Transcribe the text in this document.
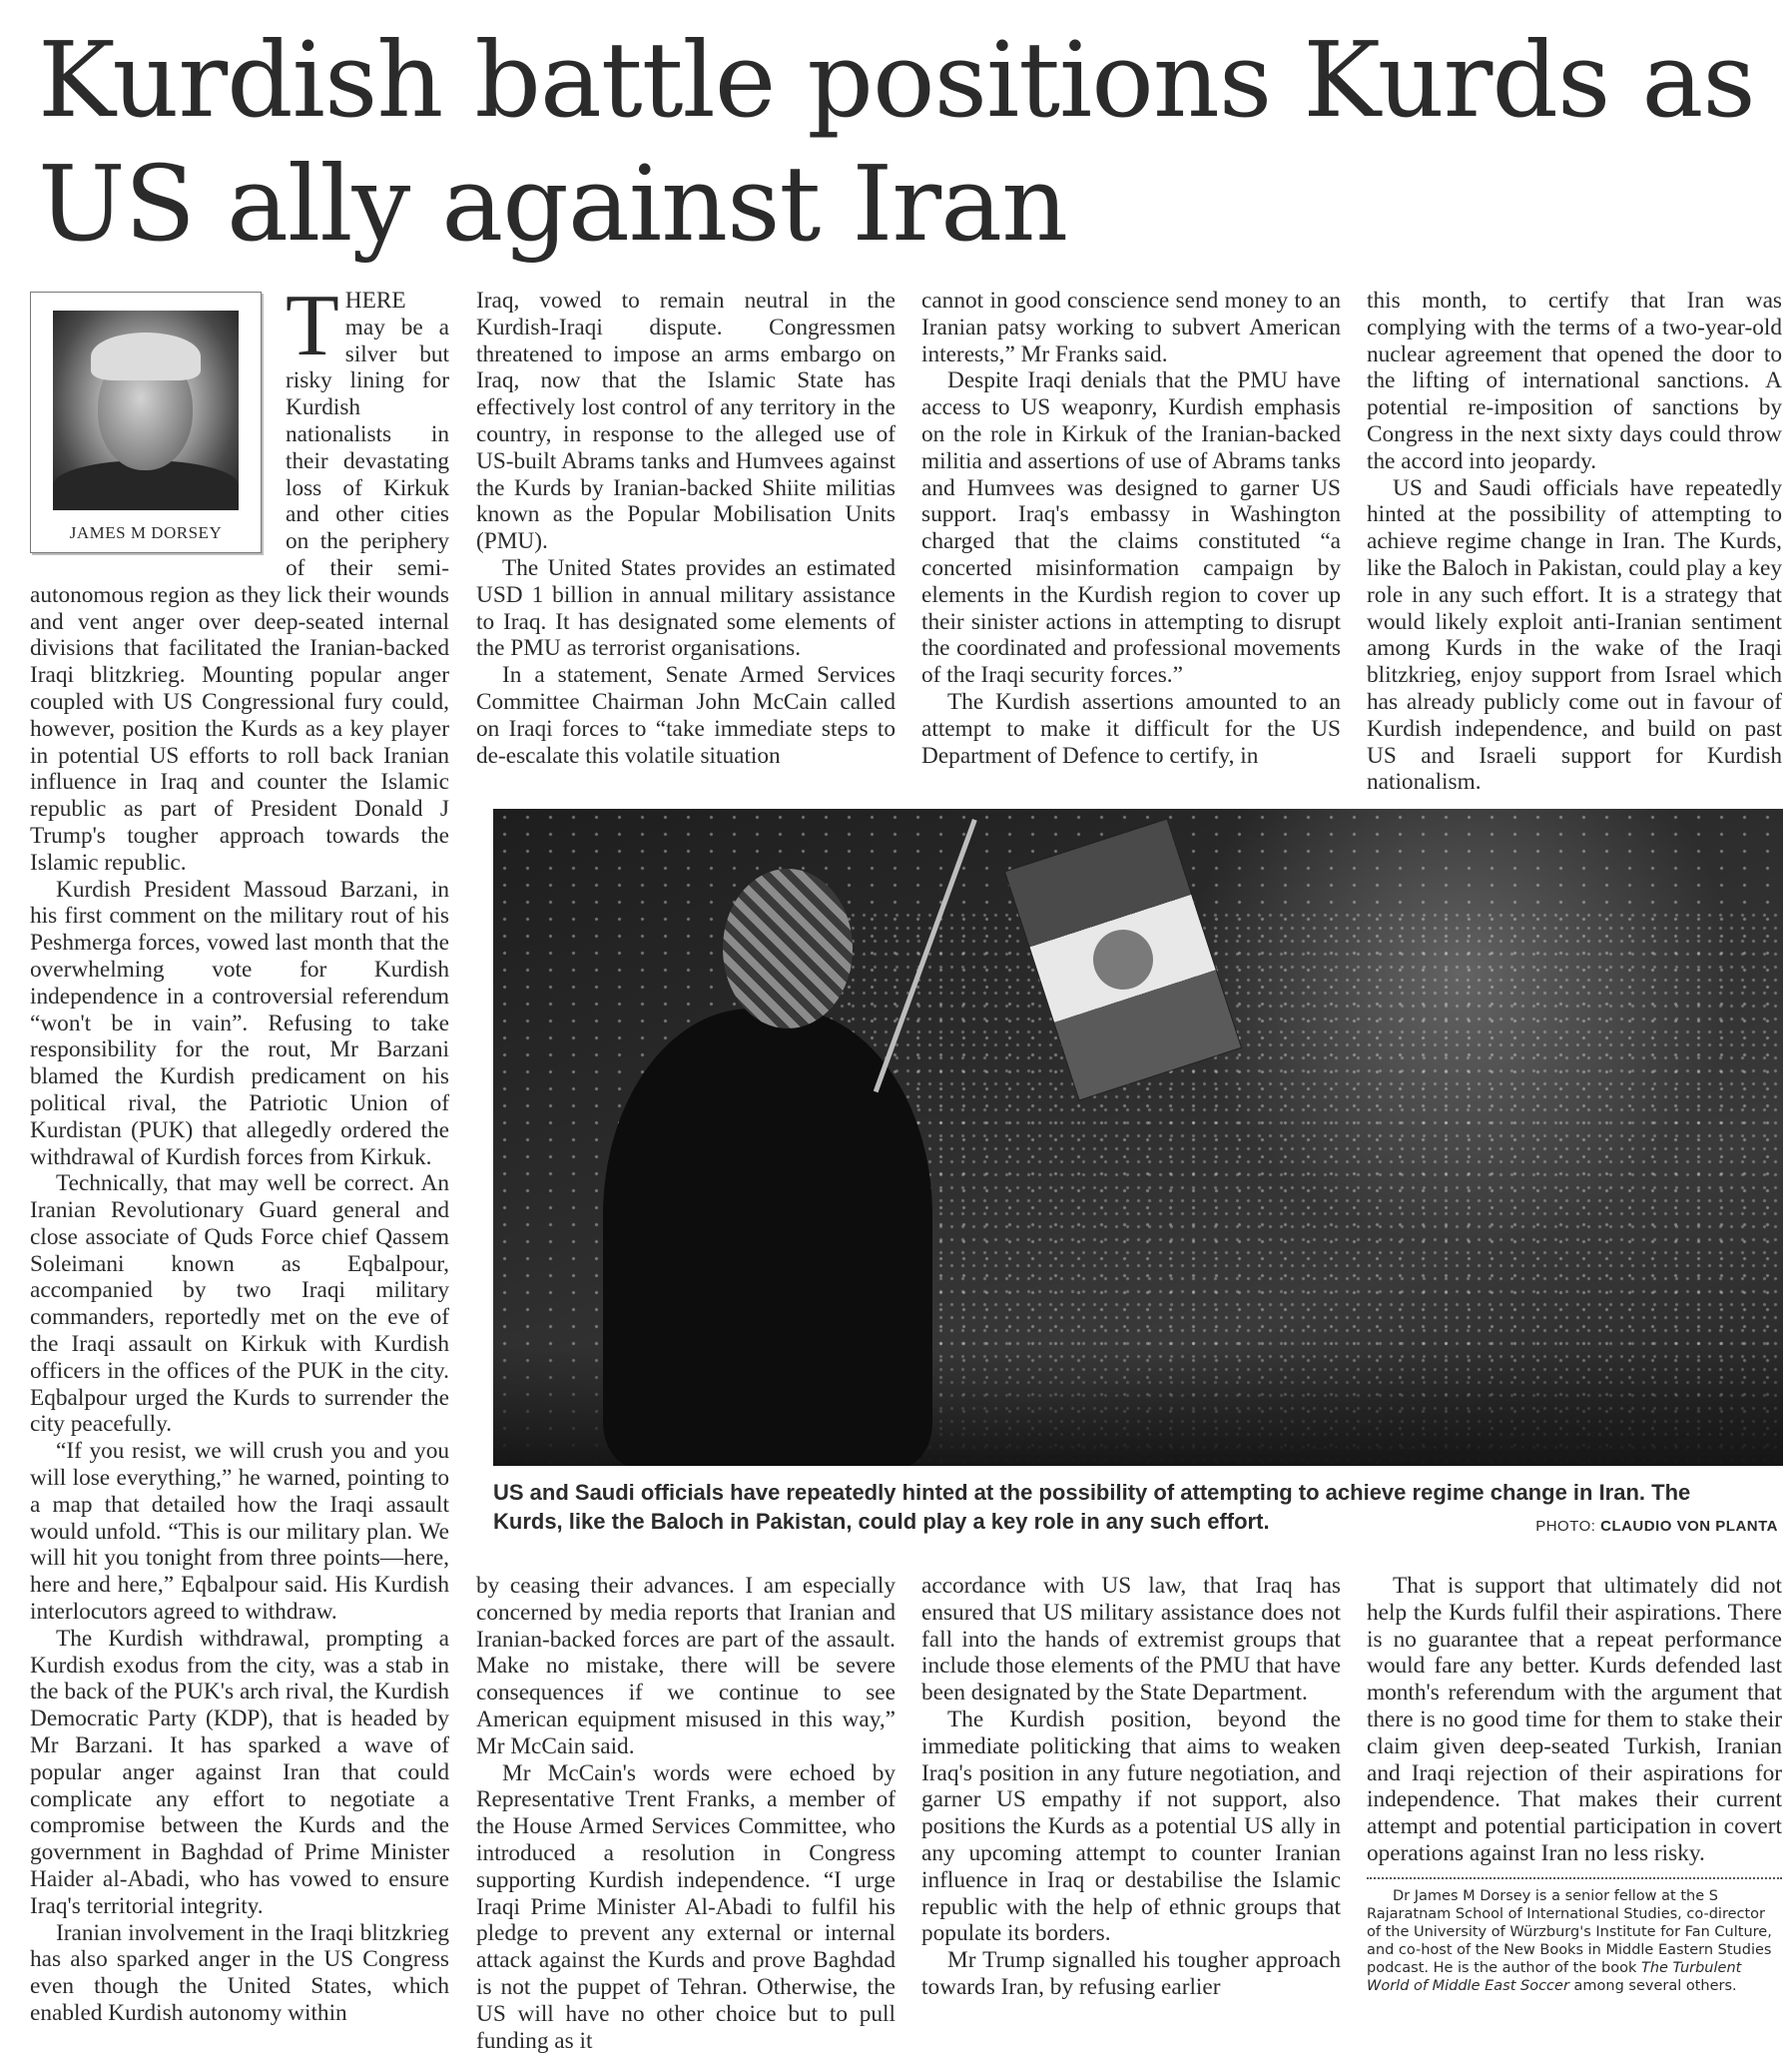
Kurdish battle positions Kurds as US ally against Iran
JAMES M DORSEY

THERE may be a silver but risky lining for Kurdish nationalists in their devastating loss of Kirkuk and other cities on the periphery of their semi-autonomous region as they lick their wounds and vent anger over deep-seated internal divisions that facilitated the Iranian-backed Iraqi blitzkrieg. Mounting popular anger coupled with US Congressional fury could, however, position the Kurds as a key player in potential US efforts to roll back Iranian influence in Iraq and counter the Islamic republic as part of President Donald J Trump's tougher approach towards the Islamic republic.

Kurdish President Massoud Barzani, in his first comment on the military rout of his Peshmerga forces, vowed last month that the overwhelming vote for Kurdish independence in a controversial referendum “won't be in vain”. Refusing to take responsibility for the rout, Mr Barzani blamed the Kurdish predicament on his political rival, the Patriotic Union of Kurdistan (PUK) that allegedly ordered the withdrawal of Kurdish forces from Kirkuk.

Technically, that may well be correct. An Iranian Revolutionary Guard general and close associate of Quds Force chief Qassem Soleimani known as Eqbalpour, accompanied by two Iraqi military commanders, reportedly met on the eve of the Iraqi assault on Kirkuk with Kurdish officers in the offices of the PUK in the city. Eqbalpour urged the Kurds to surrender the city peacefully.

“If you resist, we will crush you and you will lose everything,” he warned, pointing to a map that detailed how the Iraqi assault would unfold. “This is our military plan. We will hit you tonight from three points—here, here and here,” Eqbalpour said. His Kurdish interlocutors agreed to withdraw.

The Kurdish withdrawal, prompting a Kurdish exodus from the city, was a stab in the back of the PUK's arch rival, the Kurdish Democratic Party (KDP), that is headed by Mr Barzani. It has sparked a wave of popular anger against Iran that could complicate any effort to negotiate a compromise between the Kurds and the government in Baghdad of Prime Minister Haider al-Abadi, who has vowed to ensure Iraq's territorial integrity.

Iranian involvement in the Iraqi blitzkrieg has also sparked anger in the US Congress even though the United States, which enabled Kurdish autonomy within

Iraq, vowed to remain neutral in the Kurdish-Iraqi dispute. Congressmen threatened to impose an arms embargo on Iraq, now that the Islamic State has effectively lost control of any territory in the country, in response to the alleged use of US-built Abrams tanks and Humvees against the Kurds by Iranian-backed Shiite militias known as the Popular Mobilisation Units (PMU).

The United States provides an estimated USD 1 billion in annual military assistance to Iraq. It has designated some elements of the PMU as terrorist organisations.

In a statement, Senate Armed Services Committee Chairman John McCain called on Iraqi forces to “take immediate steps to de-escalate this volatile situation

cannot in good conscience send money to an Iranian patsy working to subvert American interests,” Mr Franks said.

Despite Iraqi denials that the PMU have access to US weaponry, Kurdish emphasis on the role in Kirkuk of the Iranian-backed militia and assertions of use of Abrams tanks and Humvees was designed to garner US support. Iraq's embassy in Washington charged that the claims constituted “a concerted misinformation campaign by elements in the Kurdish region to cover up their sinister actions in attempting to disrupt the coordinated and professional movements of the Iraqi security forces.”

The Kurdish assertions amounted to an attempt to make it difficult for the US Department of Defence to certify, in

this month, to certify that Iran was complying with the terms of a two-year-old nuclear agreement that opened the door to the lifting of international sanctions. A potential re-imposition of sanctions by Congress in the next sixty days could throw the accord into jeopardy.

US and Saudi officials have repeatedly hinted at the possibility of attempting to achieve regime change in Iran. The Kurds, like the Baloch in Pakistan, could play a key role in any such effort. It is a strategy that would likely exploit anti-Iranian sentiment among Kurds in the wake of the Iraqi blitzkrieg, enjoy support from Israel which has already publicly come out in favour of Kurdish independence, and build on past US and Israeli support for Kurdish nationalism.

US and Saudi officials have repeatedly hinted at the possibility of attempting to achieve regime change in Iran. The Kurds, like the Baloch in Pakistan, could play a key role in any such effort.	PHOTO: CLAUDIO VON PLANTA

by ceasing their advances. I am especially concerned by media reports that Iranian and Iranian-backed forces are part of the assault. Make no mistake, there will be severe consequences if we continue to see American equipment misused in this way,” Mr McCain said.

Mr McCain's words were echoed by Representative Trent Franks, a member of the House Armed Services Committee, who introduced a resolution in Congress supporting Kurdish independence. “I urge Iraqi Prime Minister Al-Abadi to fulfil his pledge to prevent any external or internal attack against the Kurds and prove Baghdad is not the puppet of Tehran. Otherwise, the US will have no other choice but to pull funding as it

accordance with US law, that Iraq has ensured that US military assistance does not fall into the hands of extremist groups that include those elements of the PMU that have been designated by the State Department.

The Kurdish position, beyond the immediate politicking that aims to weaken Iraq's position in any future negotiation, and garner US empathy if not support, also positions the Kurds as a potential US ally in any upcoming attempt to counter Iranian influence in Iraq or destabilise the Islamic republic with the help of ethnic groups that populate its borders.

Mr Trump signalled his tougher approach towards Iran, by refusing earlier

That is support that ultimately did not help the Kurds fulfil their aspirations. There is no guarantee that a repeat performance would fare any better. Kurds defended last month's referendum with the argument that there is no good time for them to stake their claim given deep-seated Turkish, Iranian and Iraqi rejection of their aspirations for independence. That makes their current attempt and potential participation in covert operations against Iran no less risky.

Dr James M Dorsey is a senior fellow at the S Rajaratnam School of International Studies, co-director of the University of Würzburg's Institute for Fan Culture, and co-host of the New Books in Middle Eastern Studies podcast. He is the author of the book The Turbulent World of Middle East Soccer among several others.
